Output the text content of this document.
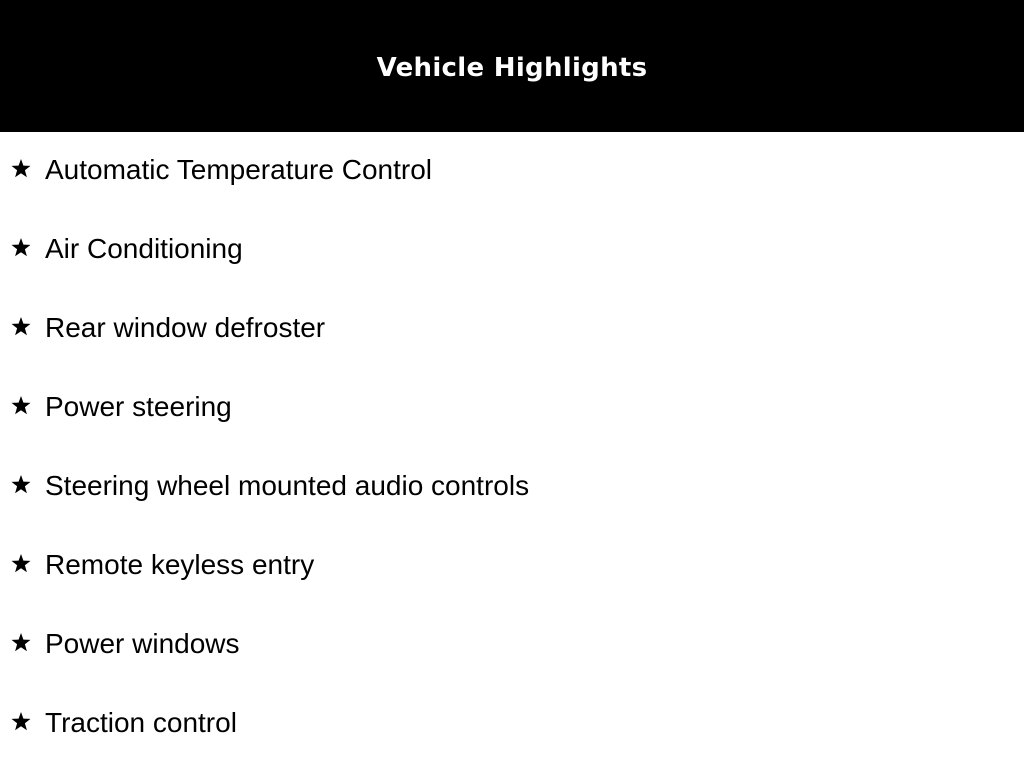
Vehicle Highlights
Automatic Temperature Control
Air Conditioning
Rear window defroster
Power steering
Steering wheel mounted audio controls
Remote keyless entry
Power windows
Traction control
